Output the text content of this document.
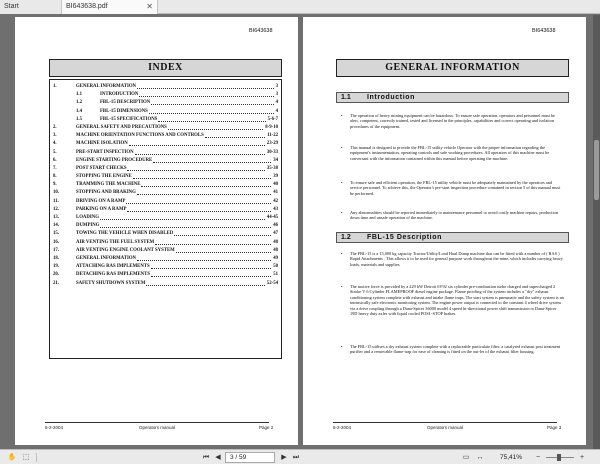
Start	BI643638.pdf	✕
BI643638
INDEX
1.	GENERAL INFORMATION	3
1.1	INTRODUCTION	3
1.2	FBL-15 DESCRIPTION	4
1.4	FBL-15 DIMENSIONS	4
1.5	FBL-15 SPECIFICATIONS	5-6-7
2.	GENERAL SAFETY AND PRECAUTIONS	8-9-10
3.	MACHINE ORIENTATION FUNCTIONS AND CONTROLS	11-22
4.	MACHINE ISOLATION	23-29
5.	PRE-START INSPECTION	30-33
6.	ENGINE STARTING PROCEDURE	34
7.	POST START CHECKS	35-38
8.	STOPPING THE ENGINE	39
9.	TRAMMING THE MACHINE	40
10.	STOPPING AND BRAKING	41
11.	DRIVING ON A RAMP	42
12.	PARKING ON A RAMP	43
13.	LOADING	44-45
14.	DUMPING	46
15.	TOWING THE VEHICLE WHEN DISABLED	47
16.	AIR VENTING THE FUEL SYSTEM	48
17.	AIR VENTING ENGINE COOLANT SYSTEM	48
18.	GENERAL INFORMATION	49
19.	ATTACHING RAS IMPLEMENTS	50
20.	DETACHING RAS IMPLEMENTS	51
21.	SAFETY SHUTDOWN SYSTEM	52-54
6-2-2004	Operators manual	Page 2
BI643638
GENERAL INFORMATION
1.1 Introduction
• The operation of heavy mining equipment can be hazardous. To ensure safe operation, operators and personnel must be alert, competent, correctly trained, tested and licensed in the principles, capabilities and correct operating and isolation procedures of the equipment.
• This manual is designed to provide the FBL-15 utility vehicle Operator with the proper information regarding the equipment's instrumentation, operating controls and safe working procedures. All operators of this machine must be conversant with the information contained within this manual before operating the machine.
• To ensure safe and efficient operation, the FBL-15 utility vehicle must be adequately maintained by the operators and service personnel. To achieve this, the Operator's pre-start inspection procedure contained in section 5 of this manual must be performed.
• Any abnormalities should be reported immediately to maintenance personnel to avoid costly machine repairs, production down time and unsafe operation of the machine.
1.2 FBL-15 Description
• The FBL-15 is a 15,000 kg capacity Tractor/Utility/Load Haul Dump machine that can be fitted with a number of ( RAS ) Rapid Attachments . This allows it to be used for general purpose work throughout the mine, which includes carrying heavy loads, materials and supplies.
• The motive force is provided by a 229 kW Detroit 6V92 six cylinder pre-combustion turbo charged and supercharged 2 Stroke V 6 Cylinder FLAMEPROOF diesel engine package. Flame proofing of the system includes a "dry" exhaust conditioning system complete with exhaust and intake flame traps. The start system is pneumatic and the safety system is an intrinsically safe electronic monitoring system. The engine power output is connected to the constant 4 wheel drive system via a drive coupling through a Dana-Spicer 36000 model 4 speed bi-directional power shift transmission to Dana-Spicer 19D heavy duty axles with liquid cooled POSI -STOP brakes.
• The FBL-15 utilises a dry exhaust system complete with a replaceable particulate filter, a catalysed exhaust post treatment purifier and a removable flame-trap for ease of cleaning is fitted on the out-let of the exhaust filter housing.
6-2-2004	Operators manual	Page 3
✋ ⬚	⏮ ◀	3 / 59	▶ ⏭	▭	↔	75,41%	−	+
